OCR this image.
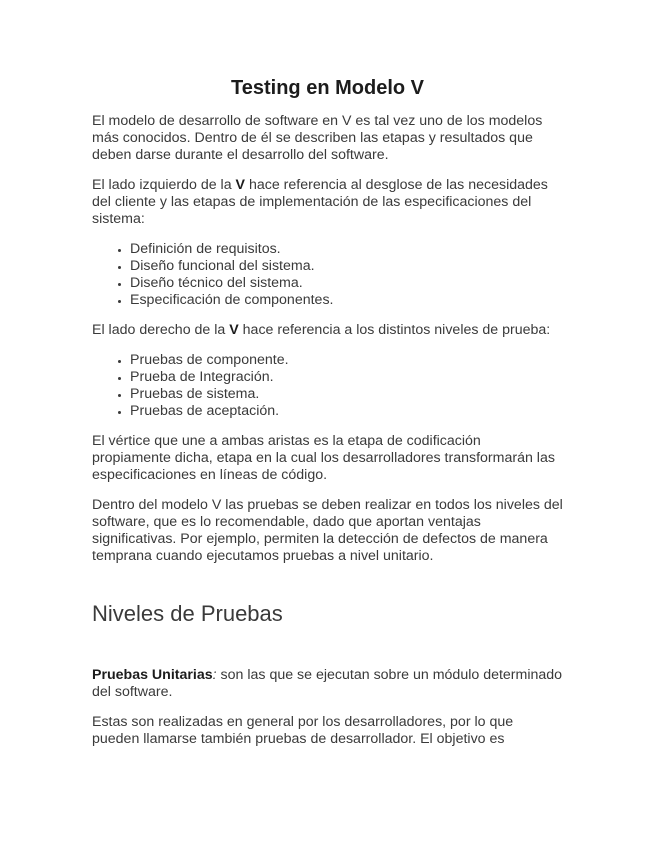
Testing en Modelo V

El modelo de desarrollo de software en V es tal vez uno de los modelos más conocidos. Dentro de él se describen las etapas y resultados que deben darse durante el desarrollo del software.

El lado izquierdo de la V hace referencia al desglose de las necesidades del cliente y las etapas de implementación de las especificaciones del sistema:

• Definición de requisitos.
• Diseño funcional del sistema.
• Diseño técnico del sistema.
• Especificación de componentes.

El lado derecho de la V hace referencia a los distintos niveles de prueba:

• Pruebas de componente.
• Prueba de Integración.
• Pruebas de sistema.
• Pruebas de aceptación.

El vértice que une a ambas aristas es la etapa de codificación propiamente dicha, etapa en la cual los desarrolladores transformarán las especificaciones en líneas de código.

Dentro del modelo V las pruebas se deben realizar en todos los niveles del software, que es lo recomendable, dado que aportan ventajas significativas. Por ejemplo, permiten la detección de defectos de manera temprana cuando ejecutamos pruebas a nivel unitario.

Niveles de Pruebas

Pruebas Unitarias: son las que se ejecutan sobre un módulo determinado del software.

Estas son realizadas en general por los desarrolladores, por lo que pueden llamarse también pruebas de desarrollador. El objetivo es
